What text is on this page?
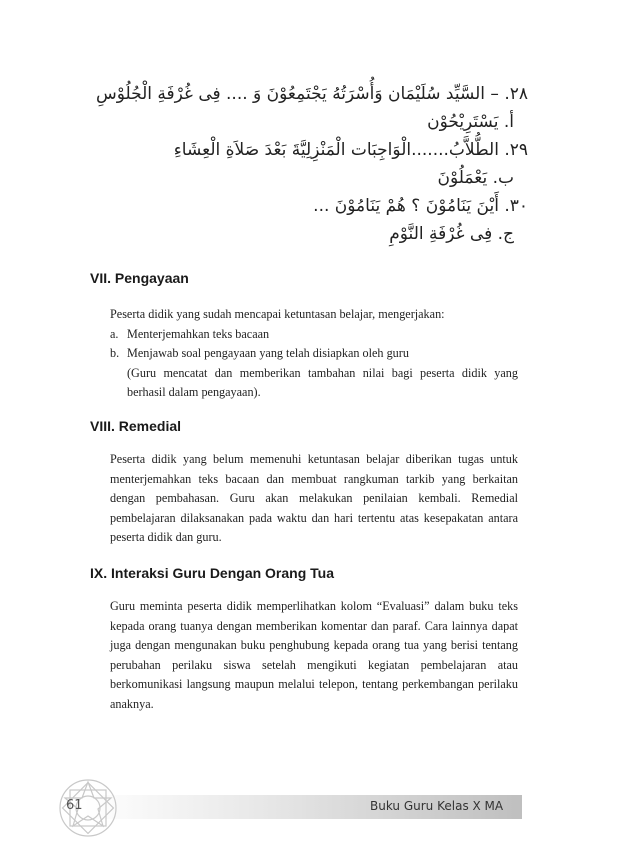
٢٨. – السَّيِّد سُلَيْمَان وَأُسْرَتُهُ يَجْتَمِعُوْنَ وَ .... فِى غُرْفَةِ الْجُلُوْسِ
أ. يَسْتَرِيْحُوْن
٢٩. الطُّلاَّبُ.......الْوَاجِبَات الْمَنْزِلِيَّةَ بَعْدَ صَلاَةِ الْعِشَاءِ
ب. يَعْمَلُوْنَ
٣٠. أَيْنَ يَنَامُوْنَ ؟ هُمْ يَنَامُوْنَ ...
ج. فِى غُرْفَةِ النَّوْمِ
VII. Pengayaan
Peserta didik yang sudah mencapai ketuntasan belajar, mengerjakan:
a. Menterjemahkan teks bacaan
b. Menjawab soal pengayaan yang telah disiapkan oleh guru
(Guru mencatat dan memberikan tambahan nilai bagi peserta didik yang berhasil dalam pengayaan).
VIII. Remedial
Peserta didik yang belum memenuhi ketuntasan belajar diberikan tugas untuk menterjemahkan teks bacaan dan membuat rangkuman tarkib yang berkaitan dengan pembahasan. Guru akan melakukan penilaian kembali. Remedial pembelajaran dilaksanakan pada waktu dan hari tertentu atas kesepakatan antara peserta didik dan guru.
IX. Interaksi Guru Dengan Orang Tua
Guru meminta peserta didik memperlihatkan kolom “Evaluasi” dalam buku teks kepada orang tuanya dengan memberikan komentar dan paraf. Cara lainnya dapat juga dengan mengunakan buku penghubung kepada orang tua yang berisi tentang perubahan perilaku siswa setelah mengikuti kegiatan pembelajaran atau berkomunikasi langsung maupun melalui telepon, tentang perkembangan perilaku anaknya.
61	Buku Guru Kelas X MA
